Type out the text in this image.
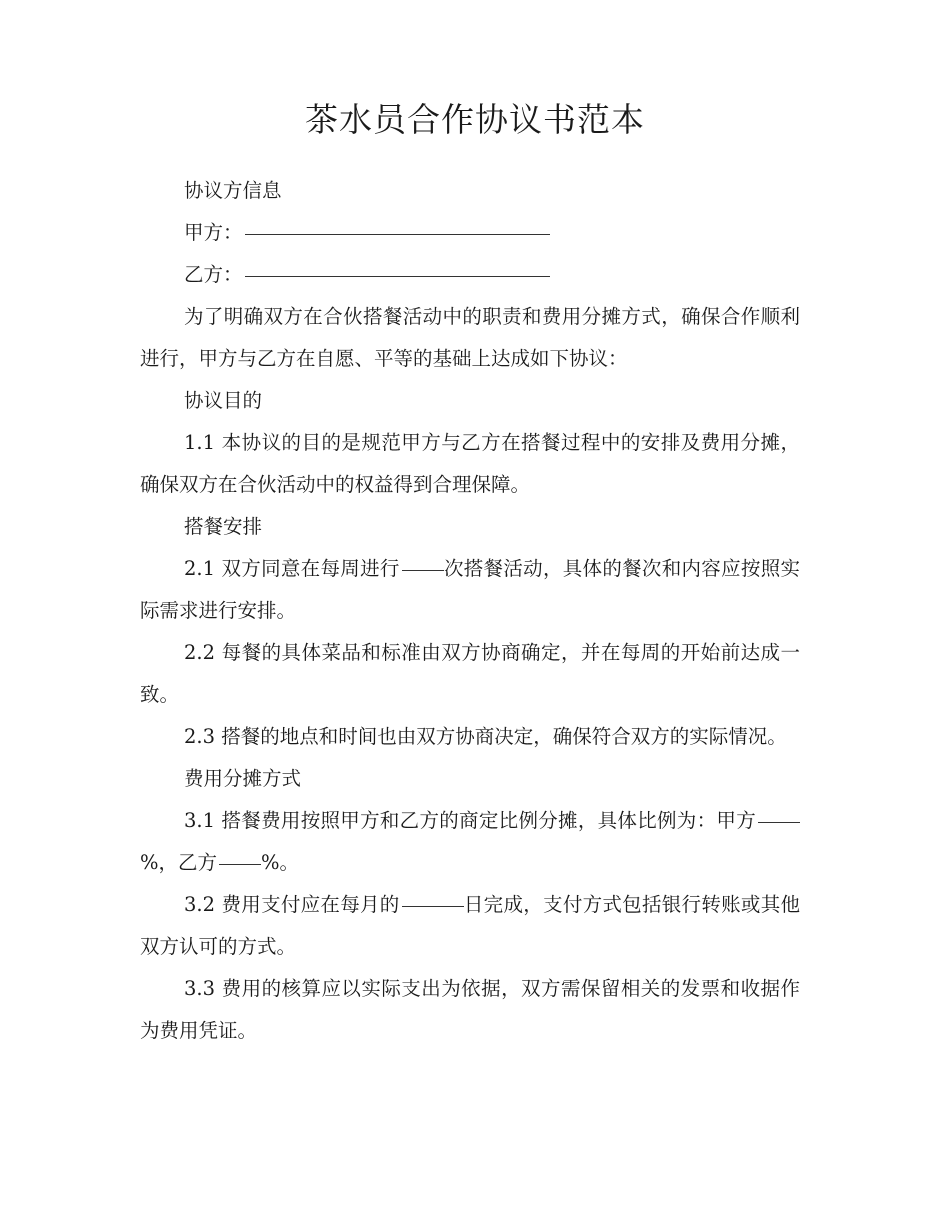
茶水员合作协议书范本

协议方信息

甲方：

乙方：

为了明确双方在合伙搭餐活动中的职责和费用分摊方式，确保合作顺利进行，甲方与乙方在自愿、平等的基础上达成如下协议：

协议目的

1.1 本协议的目的是规范甲方与乙方在搭餐过程中的安排及费用分摊，确保双方在合伙活动中的权益得到合理保障。

搭餐安排

2.1 双方同意在每周进行 次搭餐活动，具体的餐次和内容应按照实际需求进行安排。

2.2 每餐的具体菜品和标准由双方协商确定，并在每周的开始前达成一致。

2.3 搭餐的地点和时间也由双方协商决定，确保符合双方的实际情况。

费用分摊方式

3.1 搭餐费用按照甲方和乙方的商定比例分摊，具体比例为：甲方%，乙方 %。

3.2 费用支付应在每月的	日完成，支付方式包括银行转账或其他双方认可的方式。

3.3 费用的核算应以实际支出为依据，双方需保留相关的发票和收据作为费用凭证。
